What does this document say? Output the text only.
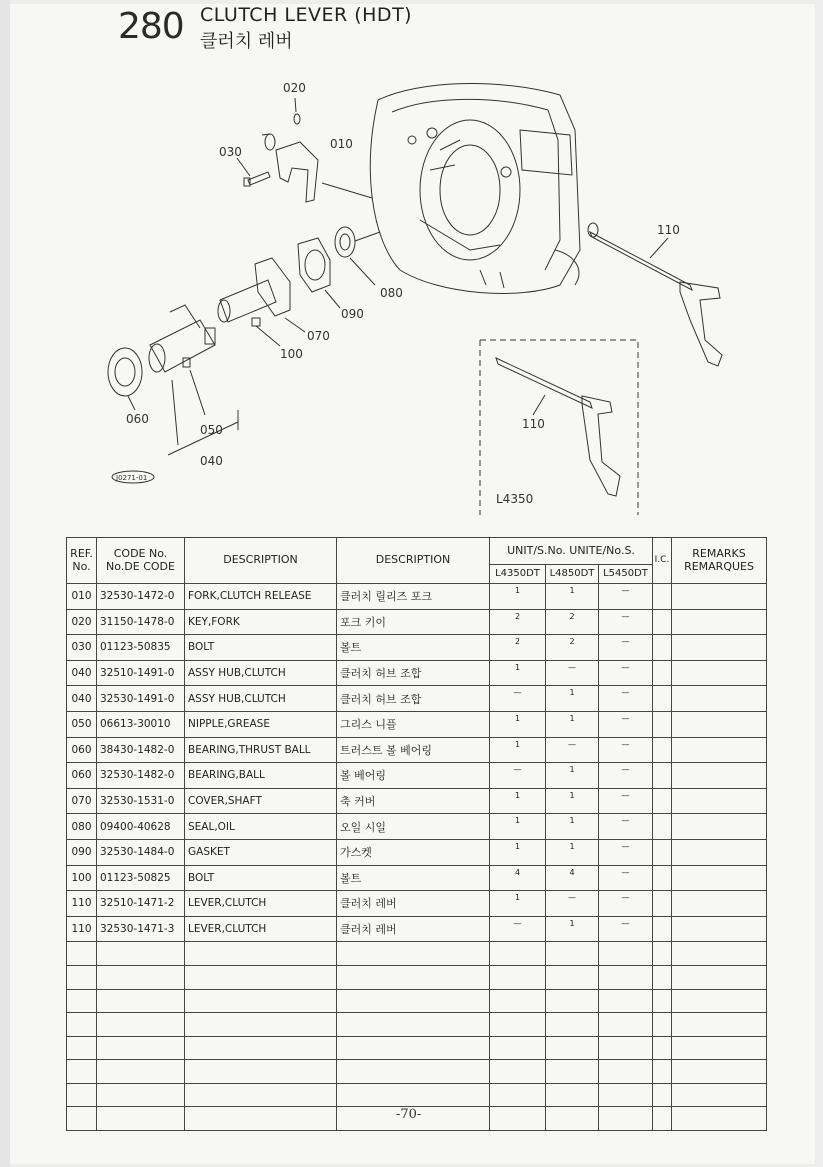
280 CLUTCH LEVER (HDT)
클러치 레버
020
030
010
110
080
090
070
100
060
050
040
110
J0271-01
L4350
REF. No.	CODE No. No.DE CODE	DESCRIPTION	DESCRIPTION	UNIT/S.No. UNITE/No.S.			I.C.	REMARKS REMARQUES
				L4350DT	L4850DT	L5450DT		
010	32530-1472-0	FORK,CLUTCH RELEASE	클러치 릴리즈 포크	1	1	—		
020	31150-1478-0	KEY,FORK	포크 키이	2	2	—		
030	01123-50835	BOLT	볼트	2	2	—		
040	32510-1491-0	ASSY HUB,CLUTCH	클러치 허브 조합	1	—	—		
040	32530-1491-0	ASSY HUB,CLUTCH	클러치 허브 조합	—	1	—		
050	06613-30010	NIPPLE,GREASE	그리스 니플	1	1	—		
060	38430-1482-0	BEARING,THRUST BALL	트러스트 볼 베어링	1	—	—		
060	32530-1482-0	BEARING,BALL	볼 베어링	—	1	—		
070	32530-1531-0	COVER,SHAFT	축 커버	1	1	—		
080	09400-40628	SEAL,OIL	오일 시일	1	1	—		
090	32530-1484-0	GASKET	가스켓	1	1	—		
100	01123-50825	BOLT	볼트	4	4	—		
110	32510-1471-2	LEVER,CLUTCH	클러치 레버	1	—	—		
110	32530-1471-3	LEVER,CLUTCH	클러치 레버	—	1	—		

-70-
